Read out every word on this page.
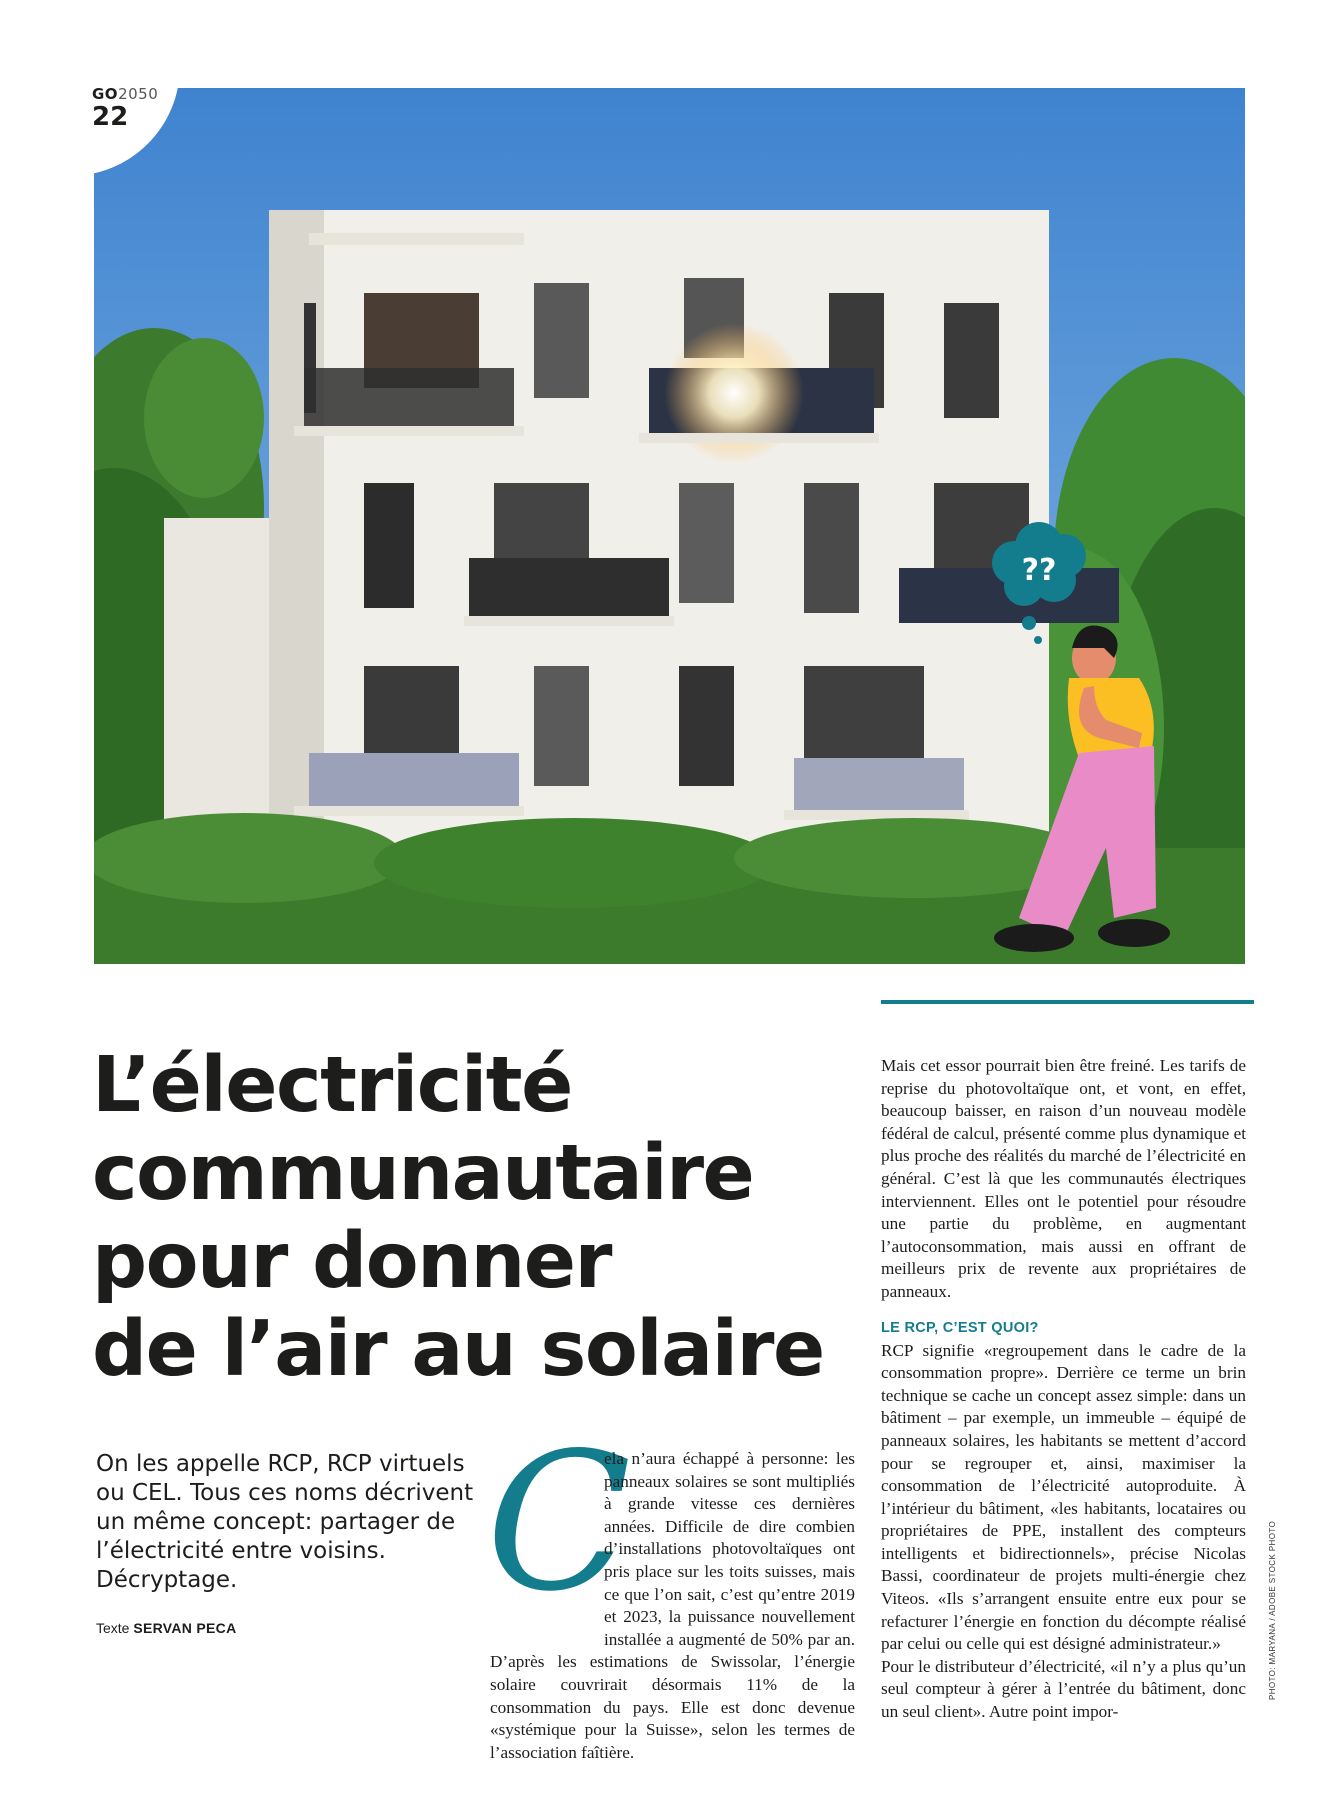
GO2050
22
??
L’électricité
communautaire
pour donner
de l’air au solaire

On les appelle RCP, RCP virtuels ou CEL. Tous ces noms décrivent un même concept: partager de l’électricité entre voisins. Décryptage.

Texte SERVAN PECA C

ela n’aura échappé à personne: les panneaux solaires se sont multipliés à grande vitesse ces dernières années. Difficile de dire combien d’installations photovoltaïques ont pris place sur les toits suisses, mais ce que l’on sait, c’est qu’entre 2019 et 2023, la puissance nouvellement installée a augmenté de 50% par an. D’après les estimations de Swissolar, l’énergie solaire couvrirait désormais 11% de la consommation du pays. Elle est donc devenue «systémique pour la Suisse», selon les termes de l’association faîtière.

Mais cet essor pourrait bien être freiné. Les tarifs de reprise du photovoltaïque ont, et vont, en effet, beaucoup baisser, en raison d’un nouveau modèle fédéral de calcul, présenté comme plus dynamique et plus proche des réalités du marché de l’électricité en général. C’est là que les communautés électriques interviennent. Elles ont le potentiel pour résoudre une partie du problème, en augmentant l’autoconsommation, mais aussi en offrant de meilleurs prix de revente aux propriétaires de panneaux.

LE RCP, C’EST QUOI?

RCP signifie «regroupement dans le cadre de la consommation propre». Derrière ce terme un brin technique se cache un concept assez simple: dans un bâtiment – par exemple, un immeuble – équipé de panneaux solaires, les habitants se mettent d’accord pour se regrouper et, ainsi, maximiser la consommation de l’électricité autoproduite. À l’intérieur du bâtiment, «les habitants, locataires ou propriétaires de PPE, installent des compteurs intelligents et bidirectionnels», précise Nicolas Bassi, coordinateur de projets multi-énergie chez Viteos. «Ils s’arrangent ensuite entre eux pour se refacturer l’énergie en fonction du décompte réalisé par celui ou celle qui est désigné administrateur.»

Pour le distributeur d’électricité, «il n’y a plus qu’un seul compteur à gérer à l’entrée du bâtiment, donc un seul client». Autre point impor-

PHOTO: MARYANA / ADOBE STOCK PHOTO
